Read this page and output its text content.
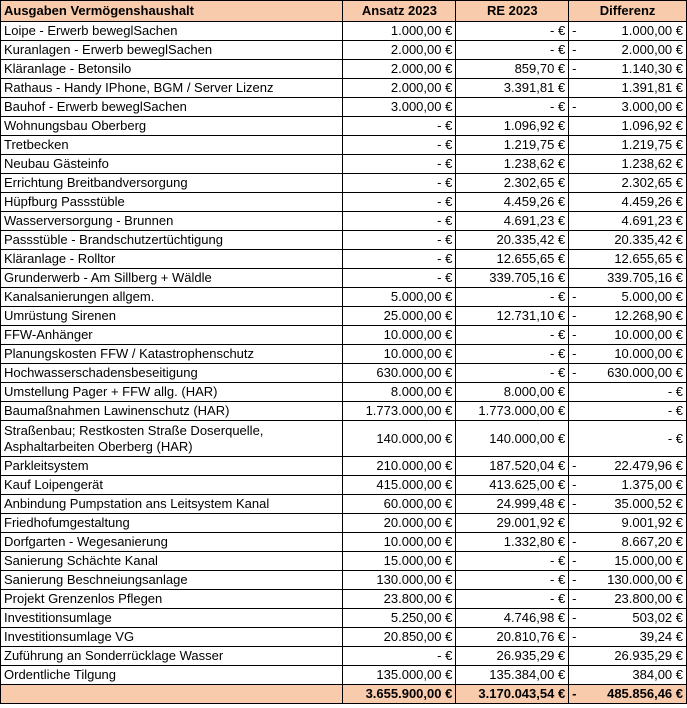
Ausgaben Vermögenshaushalt	Ansatz 2023	RE 2023	Differenz
Loipe - Erwerb beweglSachen	1.000,00 €	- €	- 1.000,00 €

Kuranlagen - Erwerb beweglSachen	2.000,00 €	- €	- 2.000,00 €

Kläranlage - Betonsilo	2.000,00 €	859,70 €	- 1.140,30 €

Rathaus - Handy IPhone, BGM / Server Lizenz	2.000,00 €	3.391,81 €	1.391,81 €

Bauhof - Erwerb beweglSachen	3.000,00 €	- €	- 3.000,00 €

Wohnungsbau Oberberg	- €	1.096,92 €	1.096,92 €

Tretbecken	- €	1.219,75 €	1.219,75 €

Neubau Gästeinfo	- €	1.238,62 €	1.238,62 €

Errichtung Breitbandversorgung	- €	2.302,65 €	2.302,65 €

Hüpfburg Passstüble	- €	4.459,26 €	4.459,26 €

Wasserversorgung - Brunnen	- €	4.691,23 €	4.691,23 €

Passstüble - Brandschutzertüchtigung	- €	20.335,42 €	20.335,42 €

Kläranlage - Rolltor	- €	12.655,65 €	12.655,65 €

Grunderwerb - Am Sillberg + Wäldle	- €	339.705,16 €	339.705,16 €

Kanalsanierungen allgem.	5.000,00 €	- €	- 5.000,00 €

Umrüstung Sirenen	25.000,00 €	12.731,10 €	- 12.268,90 €

FFW-Anhänger	10.000,00 €	- €	- 10.000,00 €

Planungskosten FFW / Katastrophenschutz	10.000,00 €	- €	- 10.000,00 €

Hochwasserschadensbeseitigung	630.000,00 €	- €	- 630.000,00 €

Umstellung Pager + FFW allg. (HAR)	8.000,00 €	8.000,00 €	- €

Baumaßnahmen Lawinenschutz (HAR)	1.773.000,00 €	1.773.000,00 €	- €

Straßenbau; Restkosten Straße Doserquelle, Asphaltarbeiten Oberberg (HAR)	140.000,00 €	140.000,00 €	- €

Parkleitsystem	210.000,00 €	187.520,04 €	- 22.479,96 €

Kauf Loipengerät	415.000,00 €	413.625,00 €	- 1.375,00 €

Anbindung Pumpstation ans Leitsystem Kanal	60.000,00 €	24.999,48 €	- 35.000,52 €

Friedhofumgestaltung	20.000,00 €	29.001,92 €	9.001,92 €

Dorfgarten - Wegesanierung	10.000,00 €	1.332,80 €	- 8.667,20 €

Sanierung Schächte Kanal	15.000,00 €	- €	- 15.000,00 €

Sanierung Beschneiungsanlage	130.000,00 €	- €	- 130.000,00 €

Projekt Grenzenlos Pflegen	23.800,00 €	- €	- 23.800,00 €

Investitionsumlage	5.250,00 €	4.746,98 €	- 503,02 €

Investitionsumlage VG	20.850,00 €	20.810,76 €	- 39,24 €

Zuführung an Sonderrücklage Wasser	- €	26.935,29 €	26.935,29 €

Ordentliche Tilgung	135.000,00 €	135.384,00 €	384,00 €

	3.655.900,00 €	3.170.043,54 €	- 485.856,46 €
